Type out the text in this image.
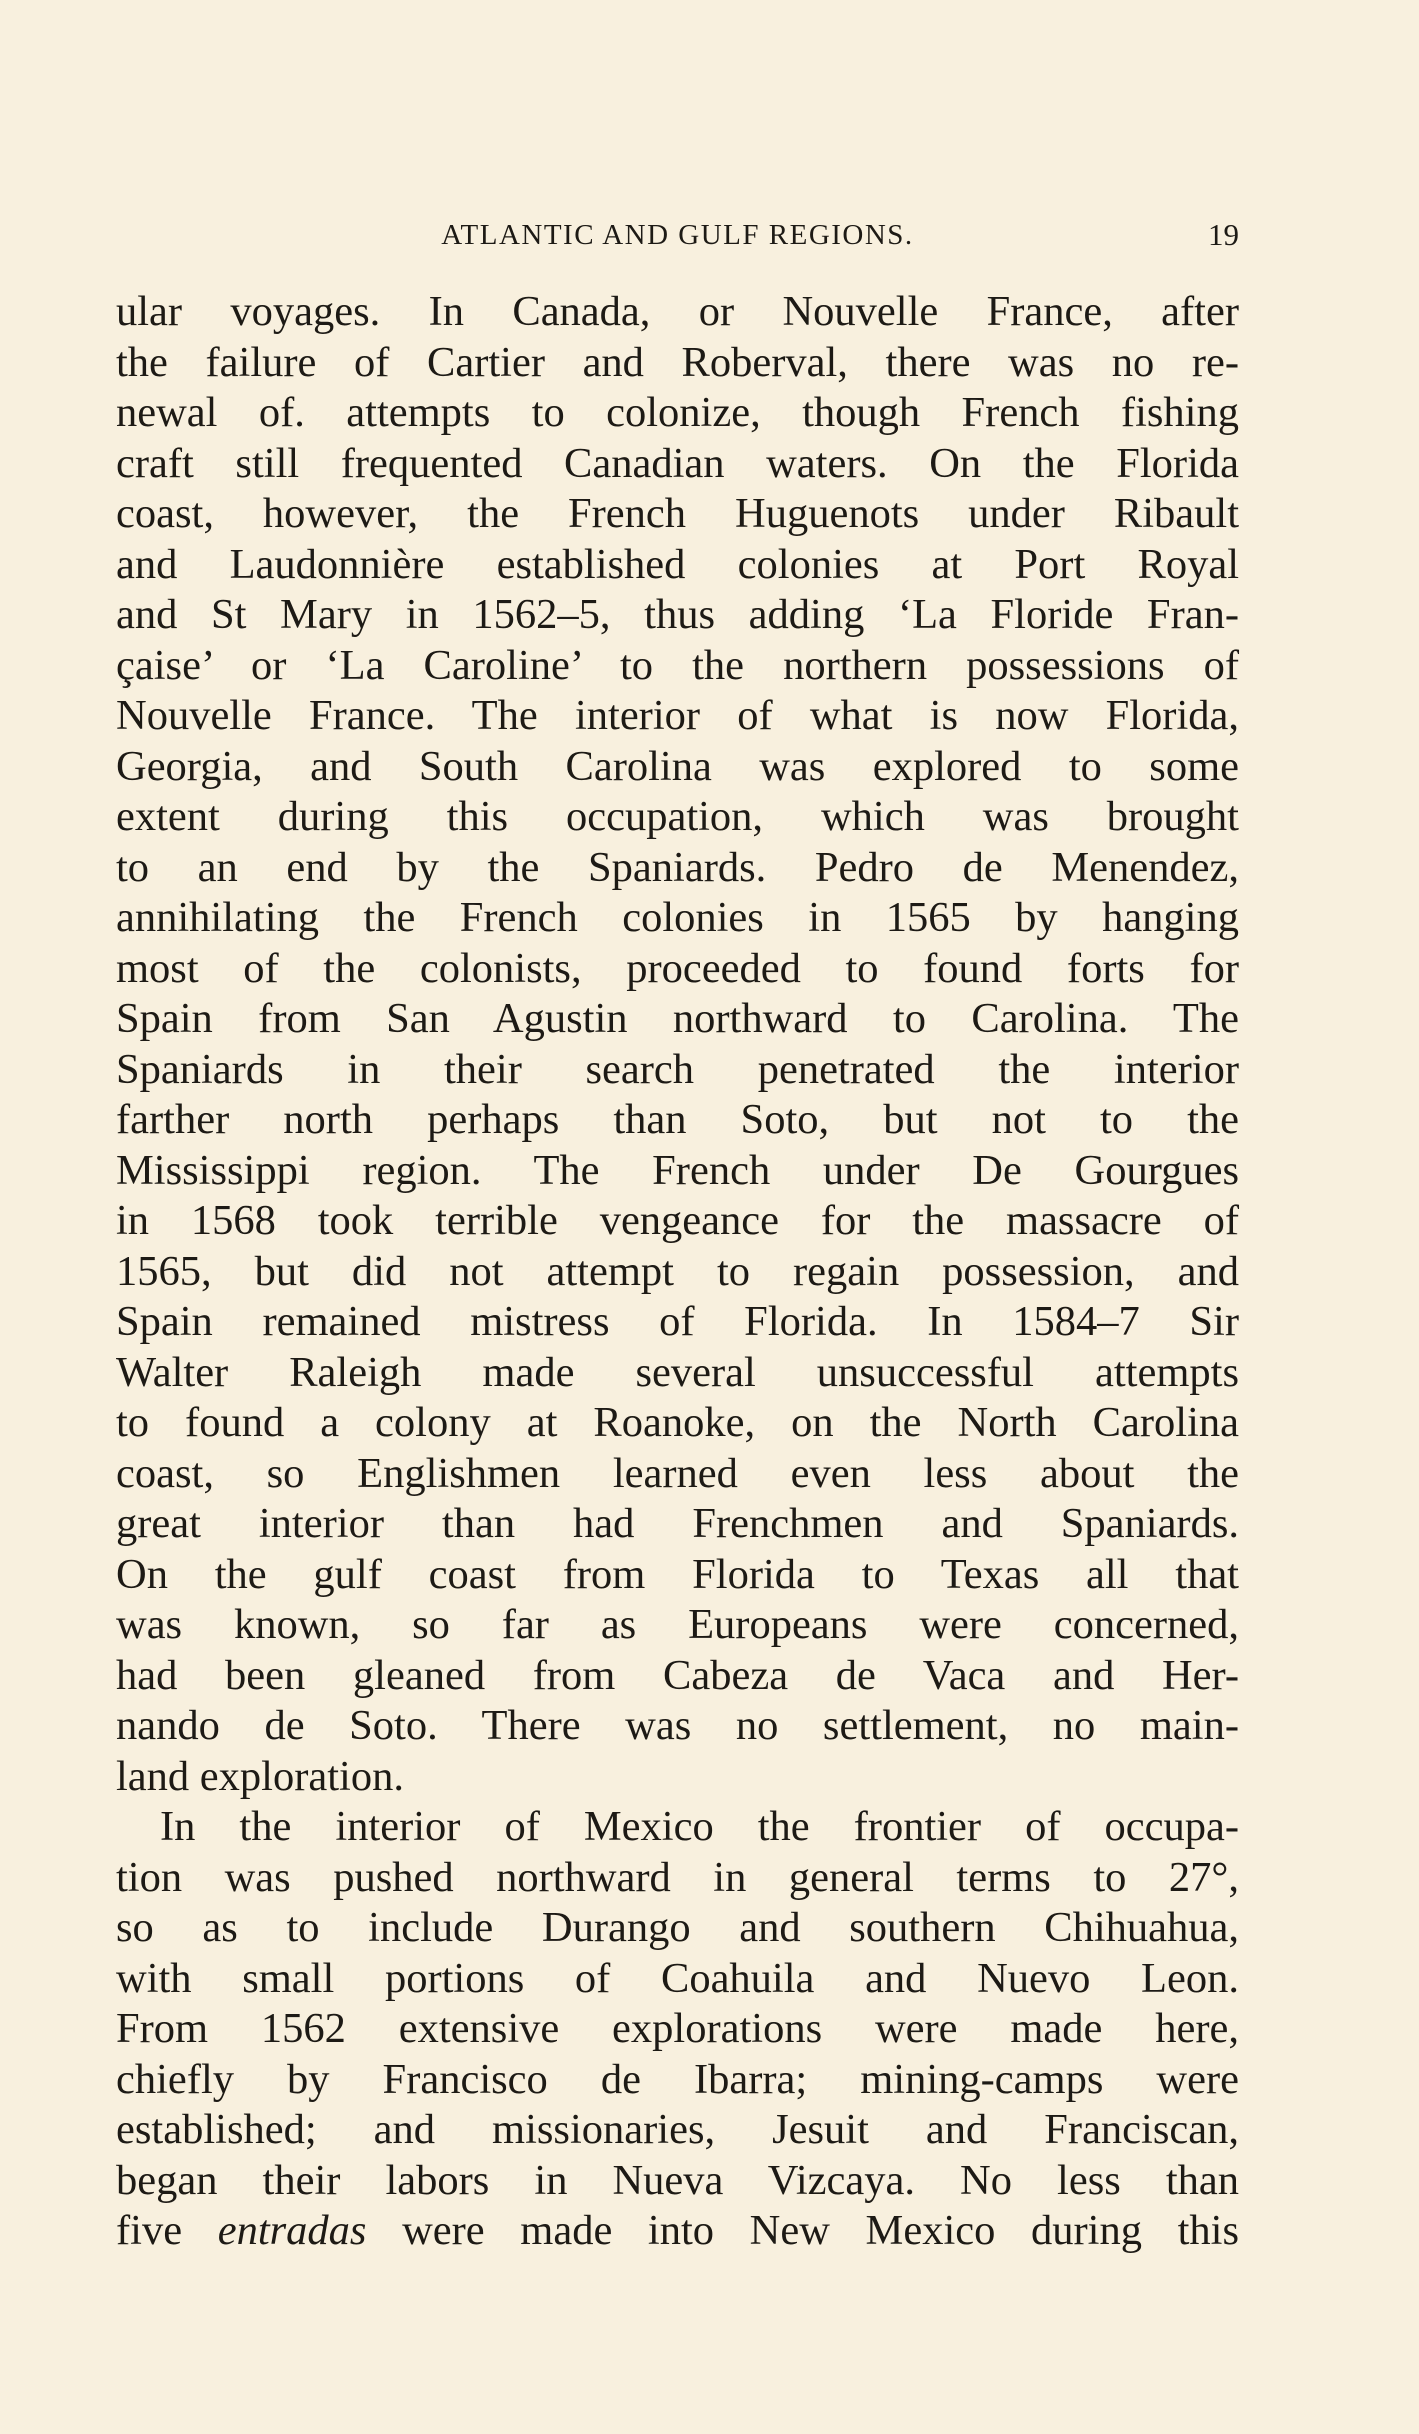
ATLANTIC AND GULF REGIONS.	19
ular voyages. In Canada, or Nouvelle France, after
the failure of Cartier and Roberval, there was no re-
newal of. attempts to colonize, though French fishing
craft still frequented Canadian waters. On the Florida
coast, however, the French Huguenots under Ribault
and Laudonnière established colonies at Port Royal
and St Mary in 1562–5, thus adding ‘La Floride Fran-
çaise’ or ‘La Caroline’ to the northern possessions of
Nouvelle France. The interior of what is now Florida,
Georgia, and South Carolina was explored to some
extent during this occupation, which was brought
to an end by the Spaniards. Pedro de Menendez,
annihilating the French colonies in 1565 by hanging
most of the colonists, proceeded to found forts for
Spain from San Agustin northward to Carolina. The
Spaniards in their search penetrated the interior
farther north perhaps than Soto, but not to the
Mississippi region. The French under De Gourgues
in 1568 took terrible vengeance for the massacre of
1565, but did not attempt to regain possession, and
Spain remained mistress of Florida. In 1584–7 Sir
Walter Raleigh made several unsuccessful attempts
to found a colony at Roanoke, on the North Carolina
coast, so Englishmen learned even less about the
great interior than had Frenchmen and Spaniards.
On the gulf coast from Florida to Texas all that
was known, so far as Europeans were concerned,
had been gleaned from Cabeza de Vaca and Her-
nando de Soto. There was no settlement, no main-
land exploration.
In the interior of Mexico the frontier of occupa-
tion was pushed northward in general terms to 27°,
so as to include Durango and southern Chihuahua,
with small portions of Coahuila and Nuevo Leon.
From 1562 extensive explorations were made here,
chiefly by Francisco de Ibarra; mining-camps were
established; and missionaries, Jesuit and Franciscan,
began their labors in Nueva Vizcaya. No less than
five entradas were made into New Mexico during this
